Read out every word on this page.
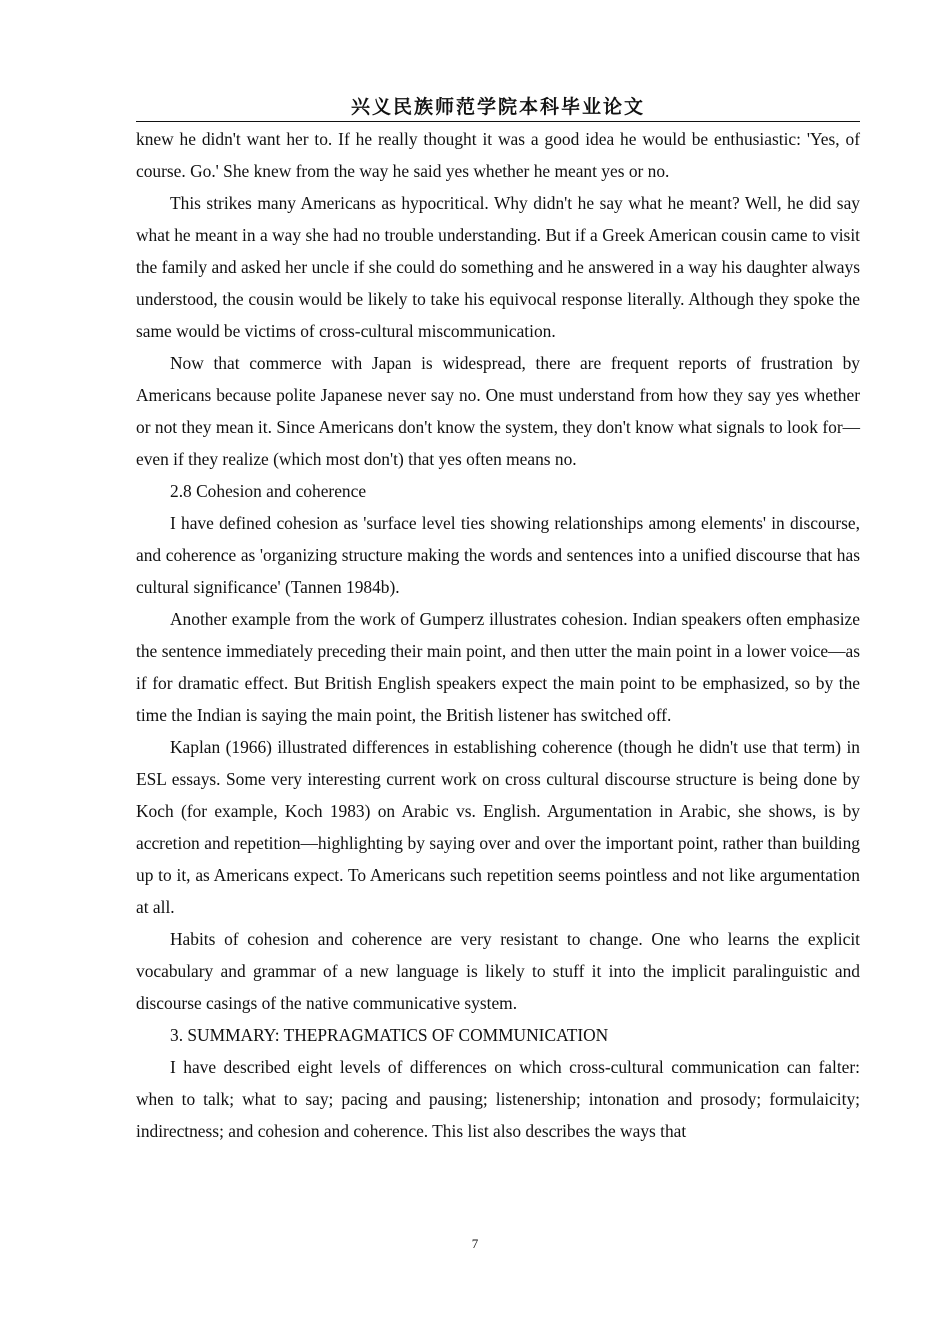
兴义民族师范学院本科毕业论文

knew he didn't want her to. If he really thought it was a good idea he would be enthusiastic: 'Yes, of course. Go.' She knew from the way he said yes whether he meant yes or no.

This strikes many Americans as hypocritical. Why didn't he say what he meant? Well, he did say what he meant in a way she had no trouble understanding. But if a Greek American cousin came to visit the family and asked her uncle if she could do something and he answered in a way his daughter always understood, the cousin would be likely to take his equivocal response literally. Although they spoke the same would be victims of cross-cultural miscommunication.

Now that commerce with Japan is widespread, there are frequent reports of frustration by Americans because polite Japanese never say no. One must understand from how they say yes whether or not they mean it. Since Americans don't know the system, they don't know what signals to look for—even if they realize (which most don't) that yes often means no.

2.8 Cohesion and coherence

I have defined cohesion as 'surface level ties showing relationships among elements' in discourse, and coherence as 'organizing structure making the words and sentences into a unified discourse that has cultural significance' (Tannen 1984b).

Another example from the work of Gumperz illustrates cohesion. Indian speakers often emphasize the sentence immediately preceding their main point, and then utter the main point in a lower voice—as if for dramatic effect. But British English speakers expect the main point to be emphasized, so by the time the Indian is saying the main point, the British listener has switched off.

Kaplan (1966) illustrated differences in establishing coherence (though he didn't use that term) in ESL essays. Some very interesting current work on cross cultural discourse structure is being done by Koch (for example, Koch 1983) on Arabic vs. English. Argumentation in Arabic, she shows, is by accretion and repetition—highlighting by saying over and over the important point, rather than building up to it, as Americans expect. To Americans such repetition seems pointless and not like argumentation at all.

Habits of cohesion and coherence are very resistant to change. One who learns the explicit vocabulary and grammar of a new language is likely to stuff it into the implicit paralinguistic and discourse casings of the native communicative system.

3. SUMMARY: THEPRAGMATICS OF COMMUNICATION

I have described eight levels of differences on which cross-cultural communication can falter: when to talk; what to say; pacing and pausing; listenership; intonation and prosody; formulaicity; indirectness; and cohesion and coherence. This list also describes the ways that

7
